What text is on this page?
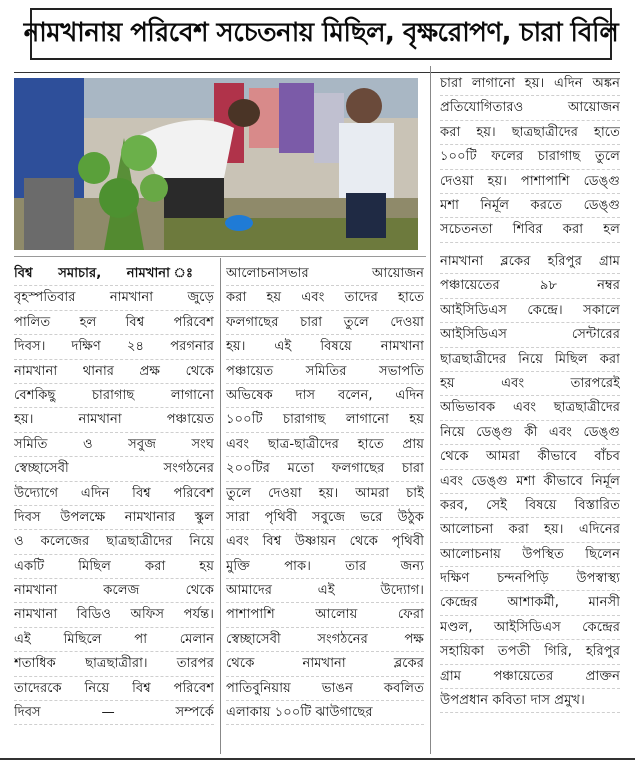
নামখানায় পরিবেশ সচেতনায় মিছিল, বৃক্ষরোপণ, চারা বিলি
চারা লাগানো হয়। এদিন অঙ্কন
প্রতিযোগিতারও আয়োজন
করা হয়। ছাত্রছাত্রীদের হাতে
১০০টি ফলের চারাগাছ তুলে
দেওয়া হয়। পাশাপাশি ডেঙ্গু
মশা নির্মূল করতে ডেঙ্গু
সচেতনতা শিবির করা হল
বিশ্ব সমাচার, নামখানা ঃ
বৃহস্পতিবার নামখানা জুড়ে
পালিত হল বিশ্ব পরিবেশ
দিবস। দক্ষিণ ২৪ পরগনার
নামখানা থানার প্রক্ষ থেকে
বেশকিছু চারাগাছ লাগানো
হয়। নামখানা পঞ্চায়েত
সমিতি ও সবুজ সংঘ
স্বেচ্ছাসেবী সংগঠনের
উদ্যোগে এদিন বিশ্ব পরিবেশ
দিবস উপলক্ষে নামখানার স্কুল
ও কলেজের ছাত্রছাত্রীদের নিয়ে
একটি মিছিল করা হয়
নামখানা কলেজ থেকে
নামখানা বিডিও অফিস পর্যন্ত।
এই মিছিলে পা মেলান
শতাধিক ছাত্রছাত্রীরা। তারপর
তাদেরকে নিয়ে বিশ্ব পরিবেশ
দিবস — সম্পর্কে
আলোচনাসভার আয়োজন
করা হয় এবং তাদের হাতে
ফলগাছের চারা তুলে দেওয়া
হয়। এই বিষয়ে নামখানা
পঞ্চায়েত সমিতির সভাপতি
অভিষেক দাস বলেন, এদিন
১০০টি চারাগাছ লাগানো হয়
এবং ছাত্র-ছাত্রীদের হাতে প্রায়
২০০টির মতো ফলগাছের চারা
তুলে দেওয়া হয়। আমরা চাই
সারা পৃথিবী সবুজে ভরে উঠুক
এবং বিশ্ব উষ্ণায়ন থেকে পৃথিবী
মুক্তি পাক। তার জন্য
আমাদের এই উদ্যোগ।
পাশাপাশি আলোয় ফেরা
স্বেচ্ছাসেবী সংগঠনের পক্ষ
থেকে নামখানা ব্লকের
পাতিবুনিয়ায় ভাঙন কবলিত
এলাকায় ১০০টি ঝাউগাছের
নামখানা ব্লকের হরিপুর গ্রাম
পঞ্চায়েতের ৯৮ নম্বর
আইসিডিএস কেন্দ্রে। সকালে
আইসিডিএস সেন্টারের
ছাত্রছাত্রীদের নিয়ে মিছিল করা
হয় এবং তারপরেই
অভিভাবক এবং ছাত্রছাত্রীদের
নিয়ে ডেঙ্গু কী এবং ডেঙ্গু
থেকে আমরা কীভাবে বাঁচব
এবং ডেঙ্গু মশা কীভাবে নির্মূল
করব, সেই বিষয়ে বিস্তারিত
আলোচনা করা হয়। এদিনের
আলোচনায় উপস্থিত ছিলেন
দক্ষিণ চন্দনপিড়ি উপস্বাস্থ্য
কেন্দ্রের আশাকর্মী, মানসী
মণ্ডল, আইসিডিএস কেন্দ্রের
সহায়িকা তপতী গিরি, হরিপুর
গ্রাম পঞ্চায়েতের প্রাক্তন
উপপ্রধান কবিতা দাস প্রমুখ।
